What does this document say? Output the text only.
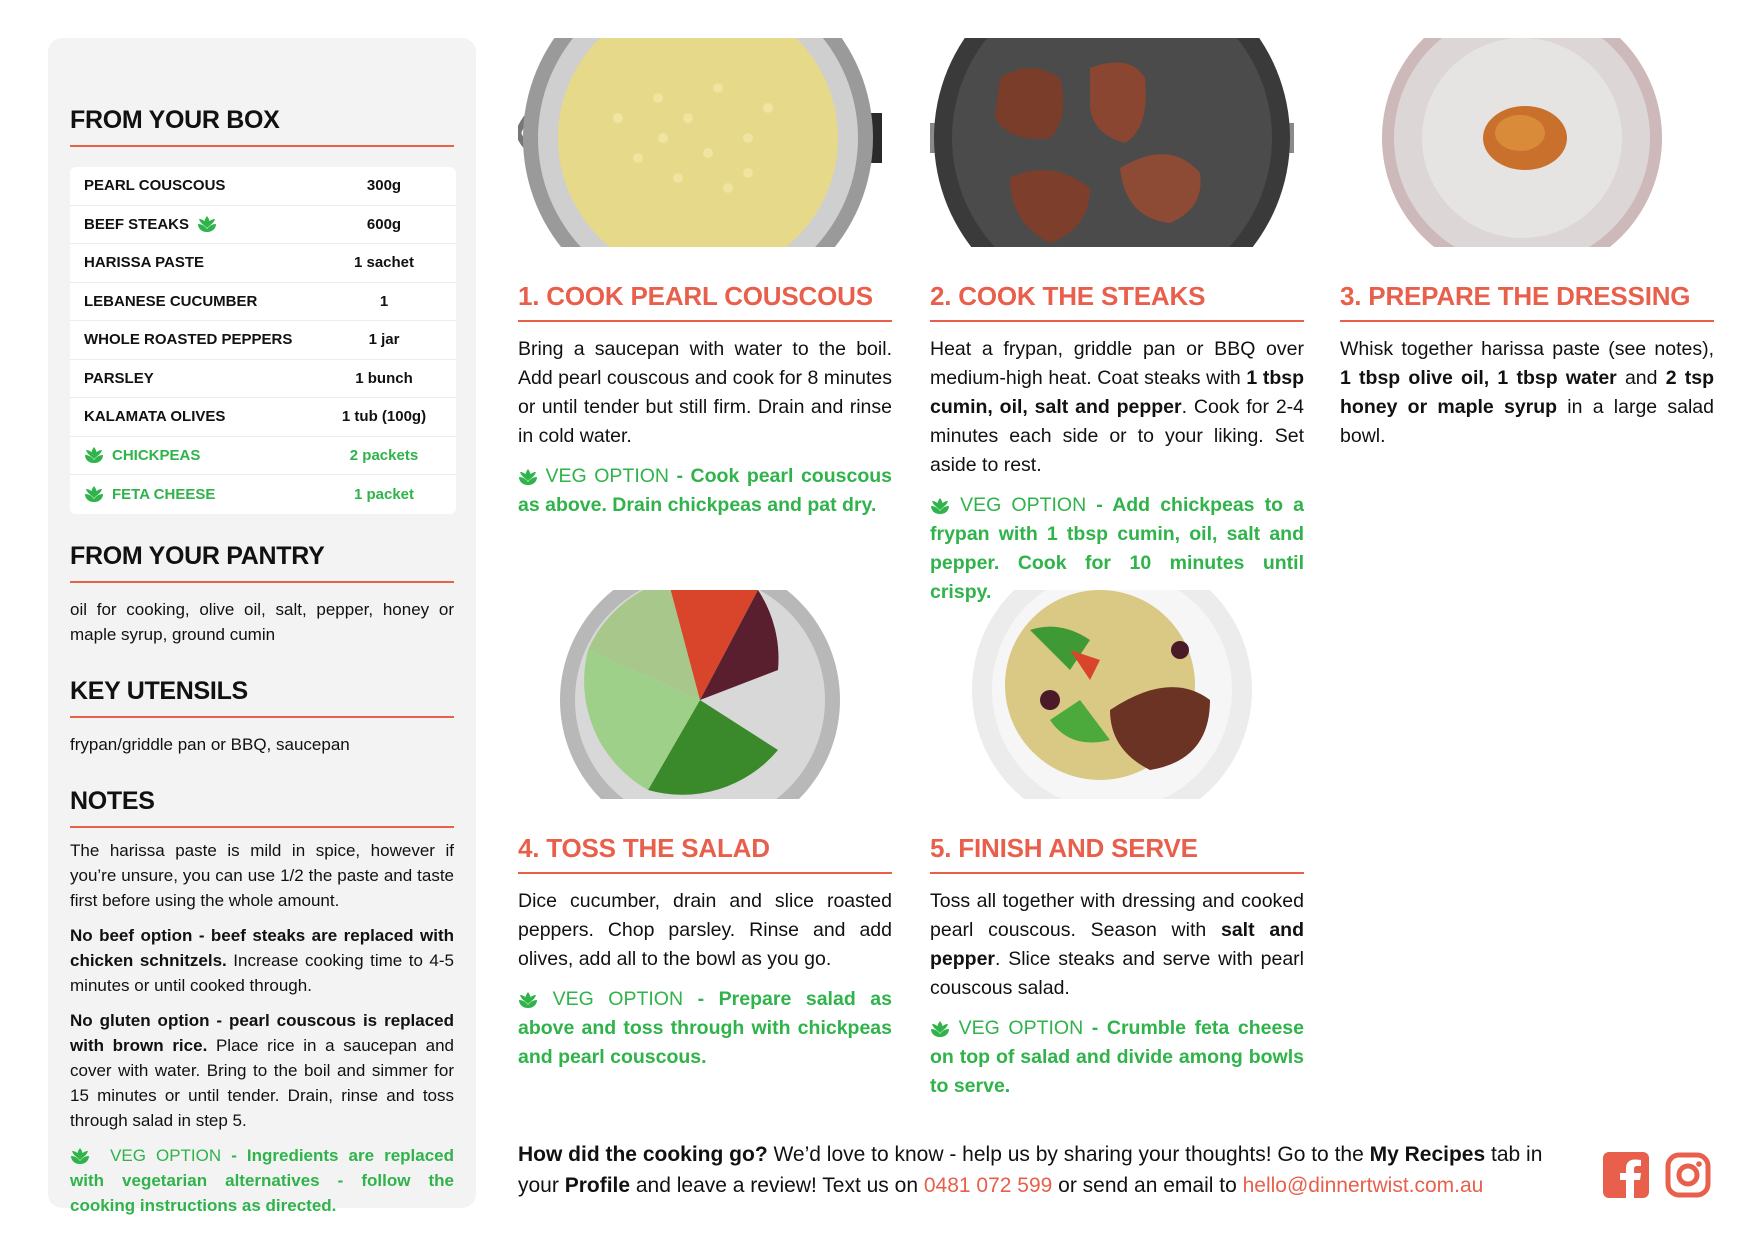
FROM YOUR BOX
PEARL COUSCOUS	300g
BEEF STEAKS	600g
HARISSA PASTE	1 sachet
LEBANESE CUCUMBER	1
WHOLE ROASTED PEPPERS	1 jar
PARSLEY	1 bunch
KALAMATA OLIVES	1 tub (100g)
CHICKPEAS	2 packets
FETA CHEESE	1 packet
FROM YOUR PANTRY

oil for cooking, olive oil, salt, pepper, honey or maple syrup, ground cumin

KEY UTENSILS

frypan/griddle pan or BBQ, saucepan

NOTES

The harissa paste is mild in spice, however if you’re unsure, you can use 1/2 the paste and taste first before using the whole amount.

No beef option - beef steaks are replaced with chicken schnitzels. Increase cooking time to 4-5 minutes or until cooked through.

No gluten option - pearl couscous is replaced with brown rice. Place rice in a saucepan and cover with water. Bring to the boil and simmer for 15 minutes or until tender. Drain, rinse and toss through salad in step 5.

VEG OPTION - Ingredients are replaced with vegetarian alternatives - follow the cooking instructions as directed.

1. COOK PEARL COUSCOUS

Bring a saucepan with water to the boil. Add pearl couscous and cook for 8 minutes or until tender but still firm. Drain and rinse in cold water.

VEG OPTION - Cook pearl couscous as above. Drain chickpeas and pat dry.

2. COOK THE STEAKS

Heat a frypan, griddle pan or BBQ over medium-high heat. Coat steaks with 1 tbsp cumin, oil, salt and pepper. Cook for 2-4 minutes each side or to your liking. Set aside to rest.

VEG OPTION - Add chickpeas to a frypan with 1 tbsp cumin, oil, salt and pepper. Cook for 10 minutes until crispy.

3. PREPARE THE DRESSING

Whisk together harissa paste (see notes), 1 tbsp olive oil, 1 tbsp water and 2 tsp honey or maple syrup in a large salad bowl.

4. TOSS THE SALAD

Dice cucumber, drain and slice roasted peppers. Chop parsley. Rinse and add olives, add all to the bowl as you go.

VEG OPTION - Prepare salad as above and toss through with chickpeas and pearl couscous.

5. FINISH AND SERVE

Toss all together with dressing and cooked pearl couscous. Season with salt and pepper. Slice steaks and serve with pearl couscous salad.

VEG OPTION - Crumble feta cheese on top of salad and divide among bowls to serve.

How did the cooking go? We’d love to know - help us by sharing your thoughts! Go to the My Recipes tab in your Profile and leave a review! Text us on 0481 072 599 or send an email to hello@dinnertwist.com.au
